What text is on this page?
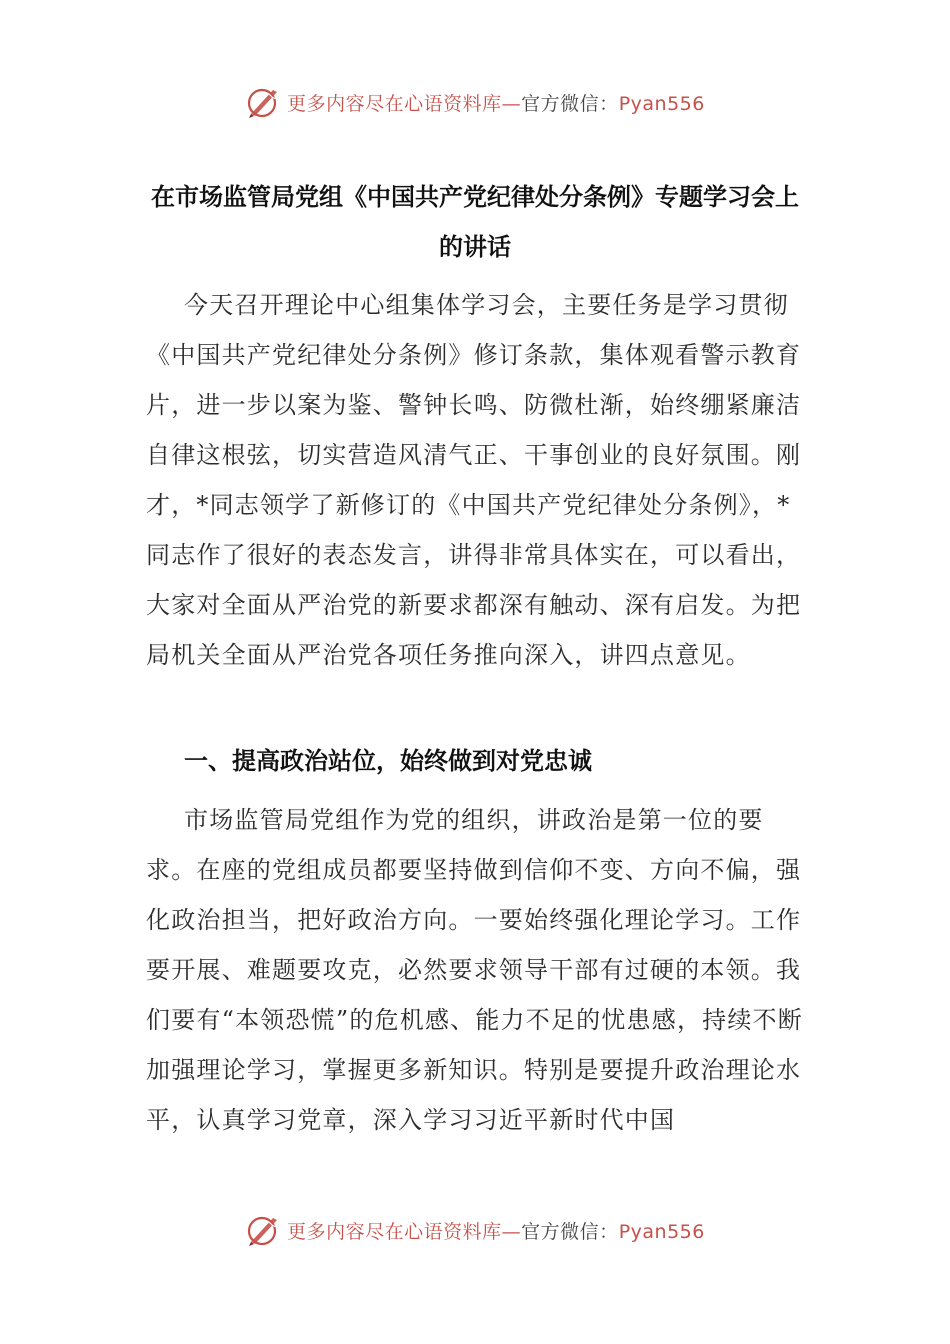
更多内容尽在心语资料库—官方微信：Pyan556
在市场监管局党组《中国共产党纪律处分条例》专题学习会上的讲话

今天召开理论中心组集体学习会，主要任务是学习贯彻《中国共产党纪律处分条例》修订条款，集体观看警示教育片，进一步以案为鉴、警钟长鸣、防微杜渐，始终绷紧廉洁自律这根弦，切实营造风清气正、干事创业的良好氛围。刚才，*同志领学了新修订的《中国共产党纪律处分条例》，*同志作了很好的表态发言，讲得非常具体实在，可以看出，大家对全面从严治党的新要求都深有触动、深有启发。为把局机关全面从严治党各项任务推向深入，讲四点意见。

一、提高政治站位，始终做到对党忠诚

市场监管局党组作为党的组织，讲政治是第一位的要求。在座的党组成员都要坚持做到信仰不变、方向不偏，强化政治担当，把好政治方向。一要始终强化理论学习。工作要开展、难题要攻克，必然要求领导干部有过硬的本领。我们要有“本领恐慌”的危机感、能力不足的忧患感，持续不断加强理论学习，掌握更多新知识。特别是要提升政治理论水平，认真学习党章，深入学习习近平新时代中国

更多内容尽在心语资料库—官方微信：Pyan556
